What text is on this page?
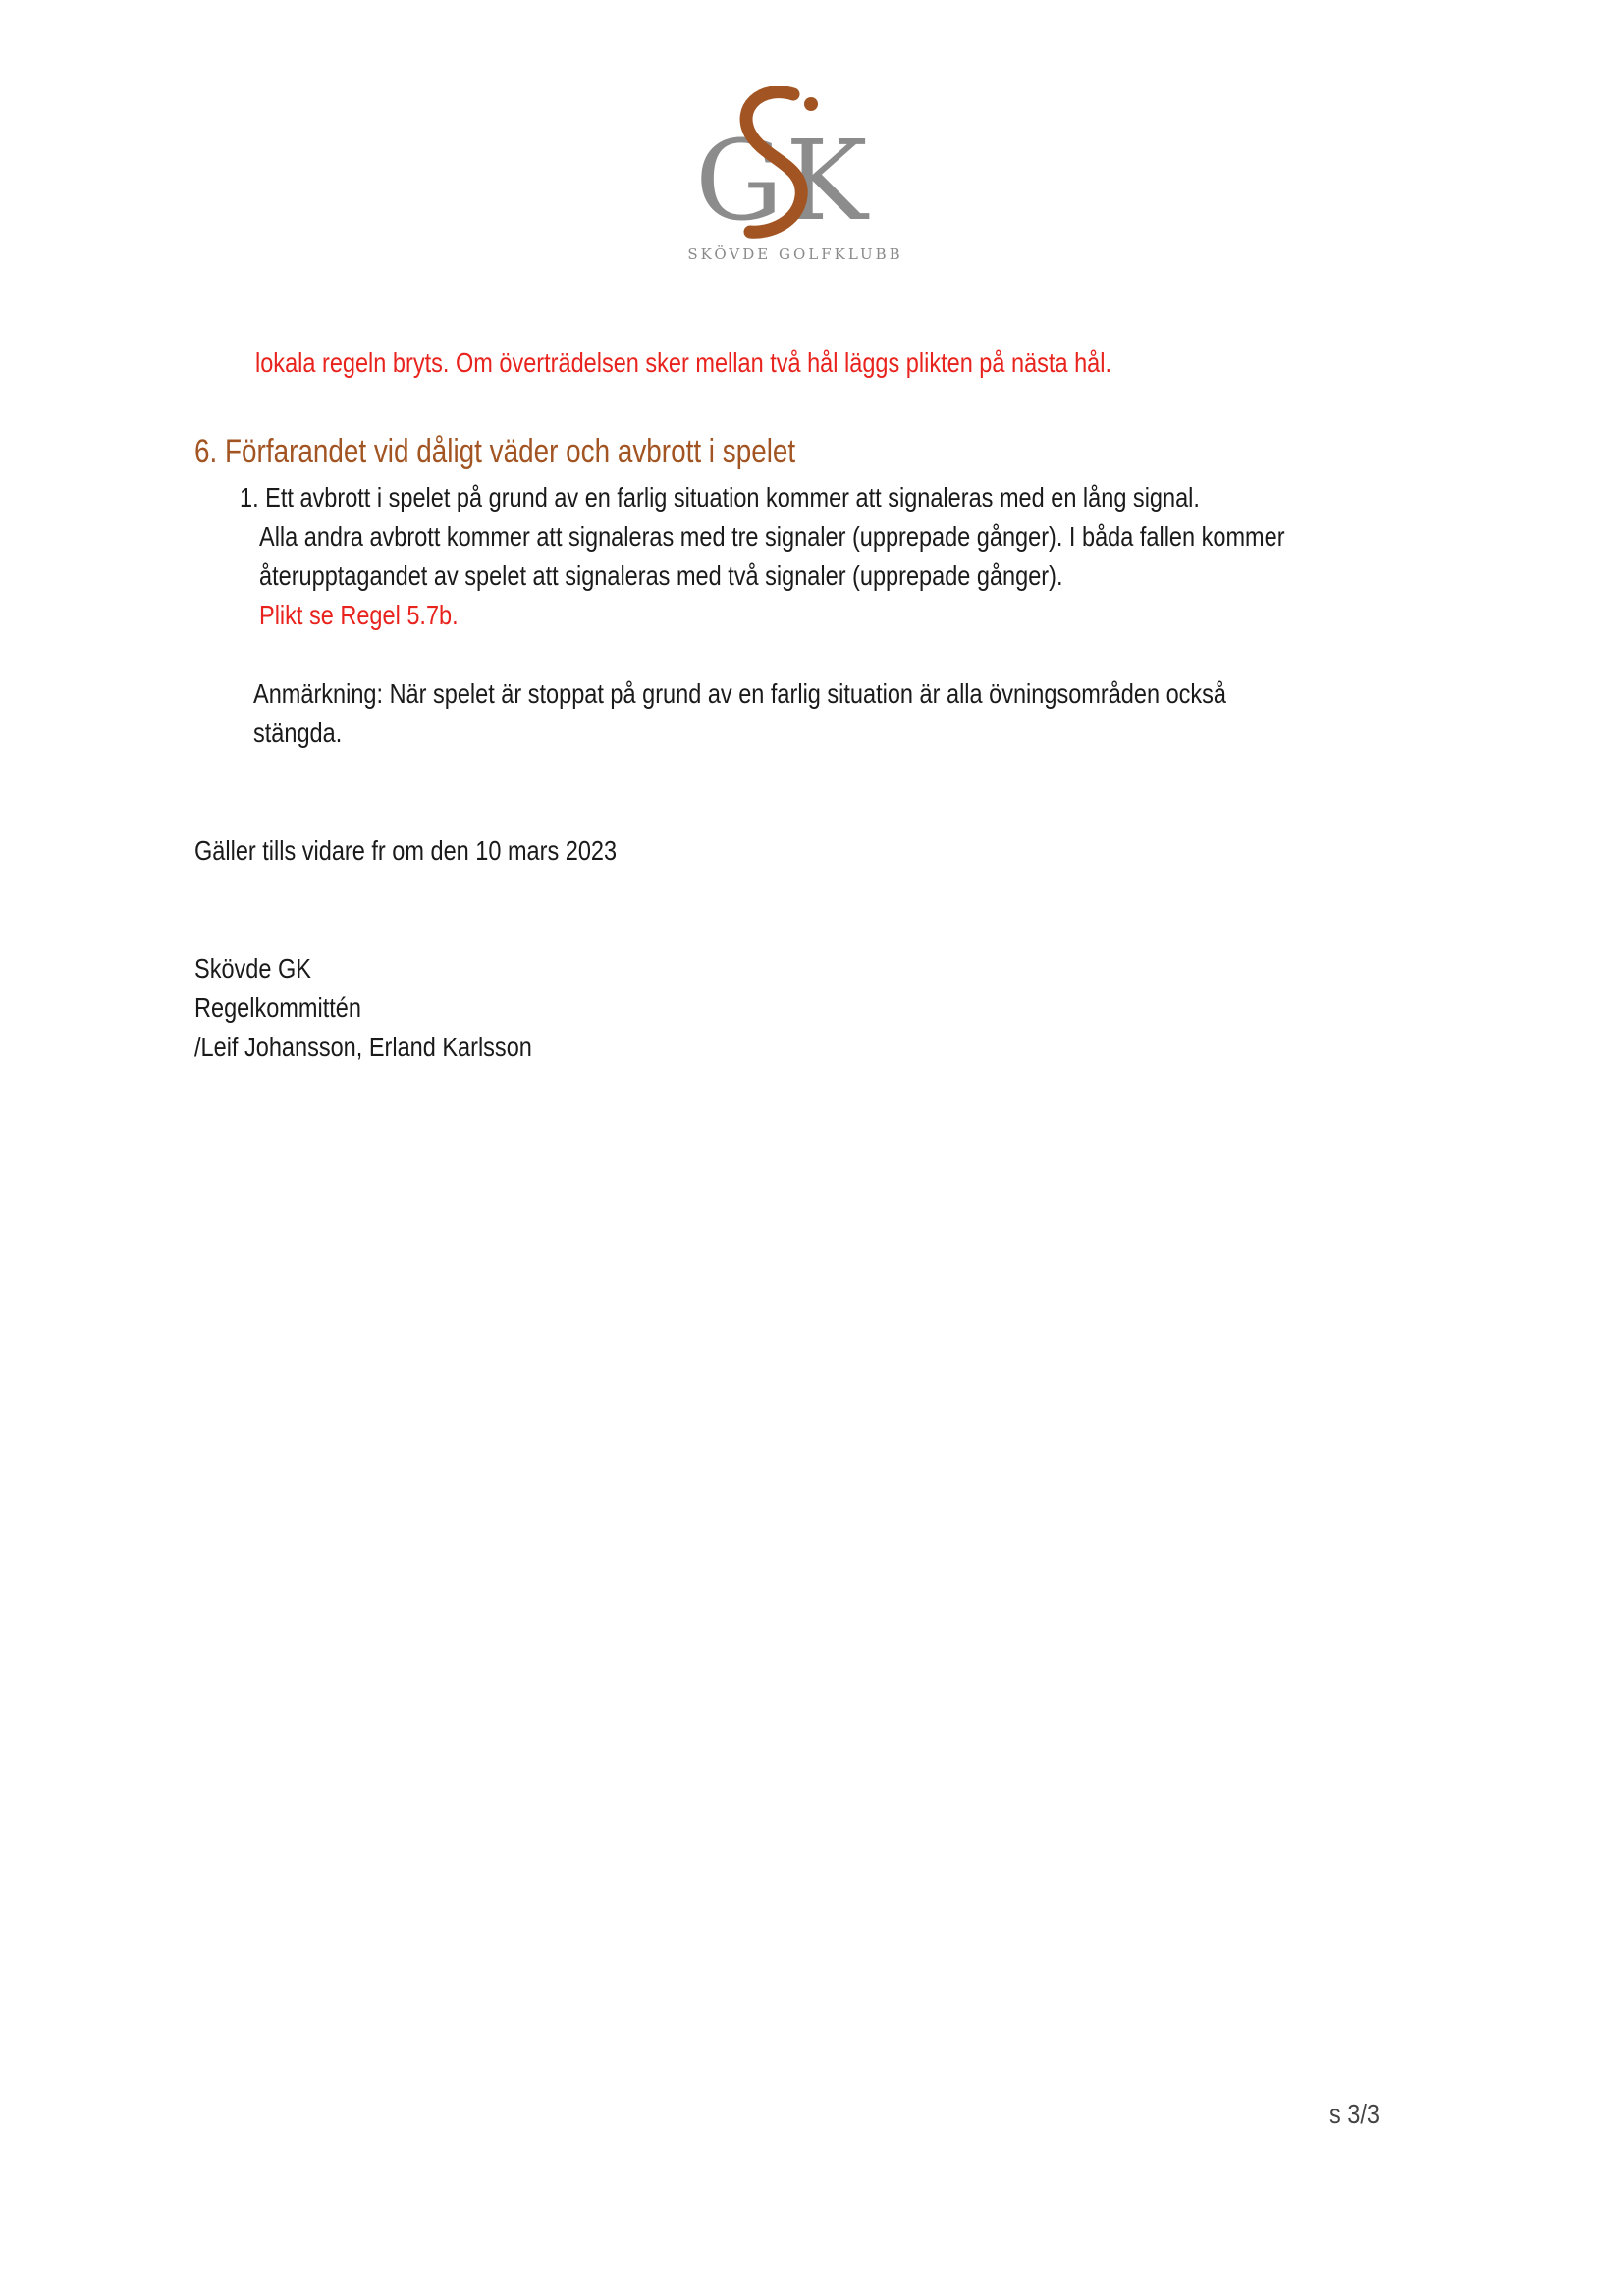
G K
SKÖVDE GOLFKLUBB
lokala regeln bryts. Om överträdelsen sker mellan två hål läggs plikten på nästa hål.
6. Förfarandet vid dåligt väder och avbrott i spelet
1. Ett avbrott i spelet på grund av en farlig situation kommer att signaleras med en lång signal.
Alla andra avbrott kommer att signaleras med tre signaler (upprepade gånger). I båda fallen kommer
återupptagandet av spelet att signaleras med två signaler (upprepade gånger).
Plikt se Regel 5.7b.
Anmärkning: När spelet är stoppat på grund av en farlig situation är alla övningsområden också
stängda.
Gäller tills vidare fr om den 10 mars 2023
Skövde GK
Regelkommittén
/Leif Johansson, Erland Karlsson
s 3/3
